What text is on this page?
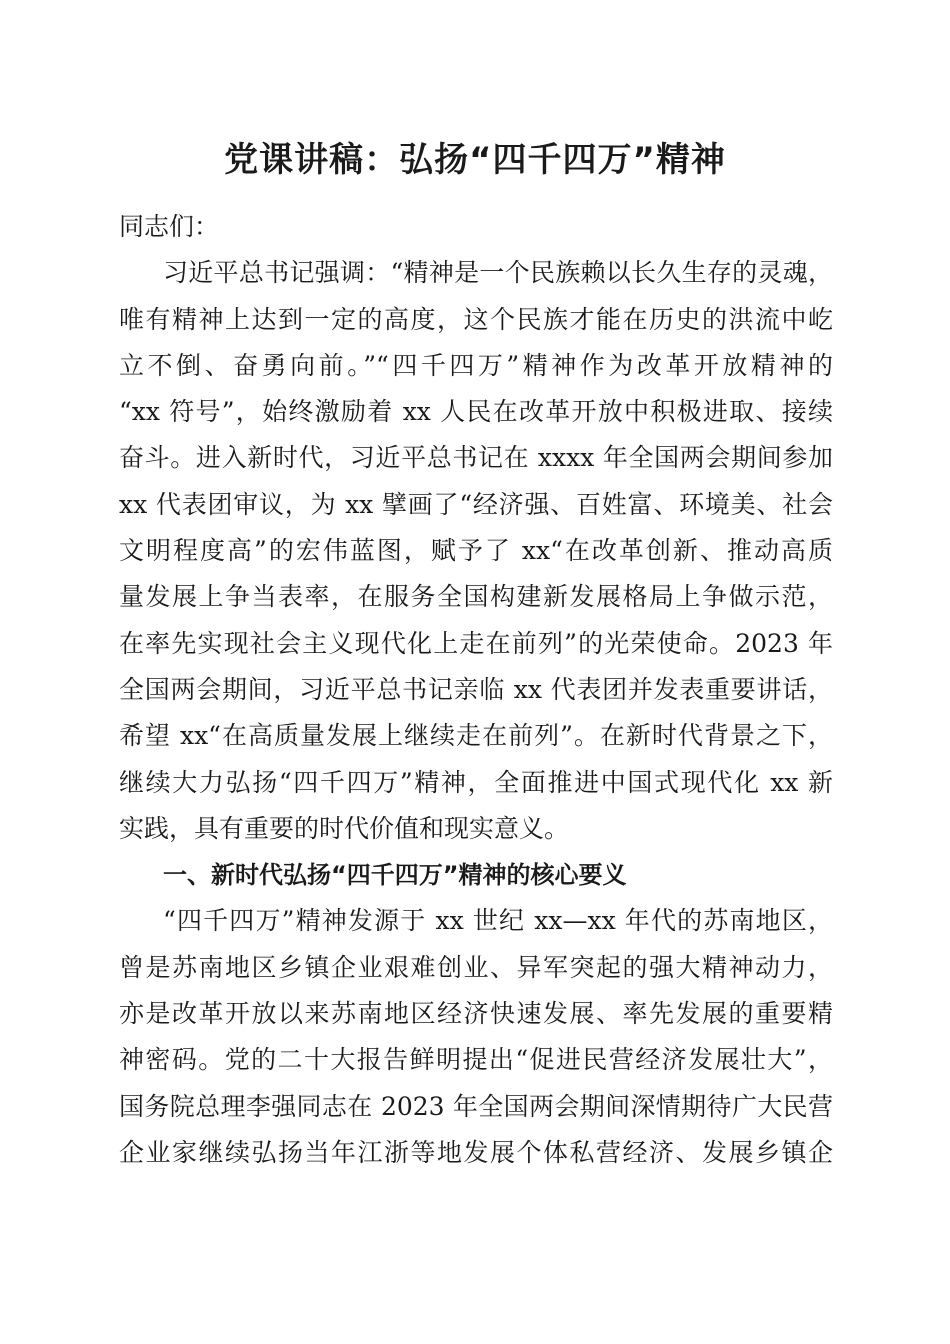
党课讲稿：弘扬“四千四万”精神
同志们：
习近平总书记强调：“精神是一个民族赖以长久生存的灵魂，
唯有精神上达到一定的高度，这个民族才能在历史的洪流中屹
立不倒、奋勇向前。”“四千四万”精神作为改革开放精神的
“xx 符号”，始终激励着 xx 人民在改革开放中积极进取、接续
奋斗。进入新时代，习近平总书记在 xxxx 年全国两会期间参加
xx 代表团审议，为 xx 擘画了“经济强、百姓富、环境美、社会
文明程度高”的宏伟蓝图，赋予了 xx“在改革创新、推动高质
量发展上争当表率，在服务全国构建新发展格局上争做示范，
在率先实现社会主义现代化上走在前列”的光荣使命。2023 年
全国两会期间，习近平总书记亲临 xx 代表团并发表重要讲话，
希望 xx“在高质量发展上继续走在前列”。在新时代背景之下，
继续大力弘扬“四千四万”精神，全面推进中国式现代化 xx 新
实践，具有重要的时代价值和现实意义。
一、新时代弘扬“四千四万”精神的核心要义
“四千四万”精神发源于 xx 世纪 xx—xx 年代的苏南地区，
曾是苏南地区乡镇企业艰难创业、异军突起的强大精神动力，
亦是改革开放以来苏南地区经济快速发展、率先发展的重要精
神密码。党的二十大报告鲜明提出“促进民营经济发展壮大”，
国务院总理李强同志在 2023 年全国两会期间深情期待广大民营
企业家继续弘扬当年江浙等地发展个体私营经济、发展乡镇企
